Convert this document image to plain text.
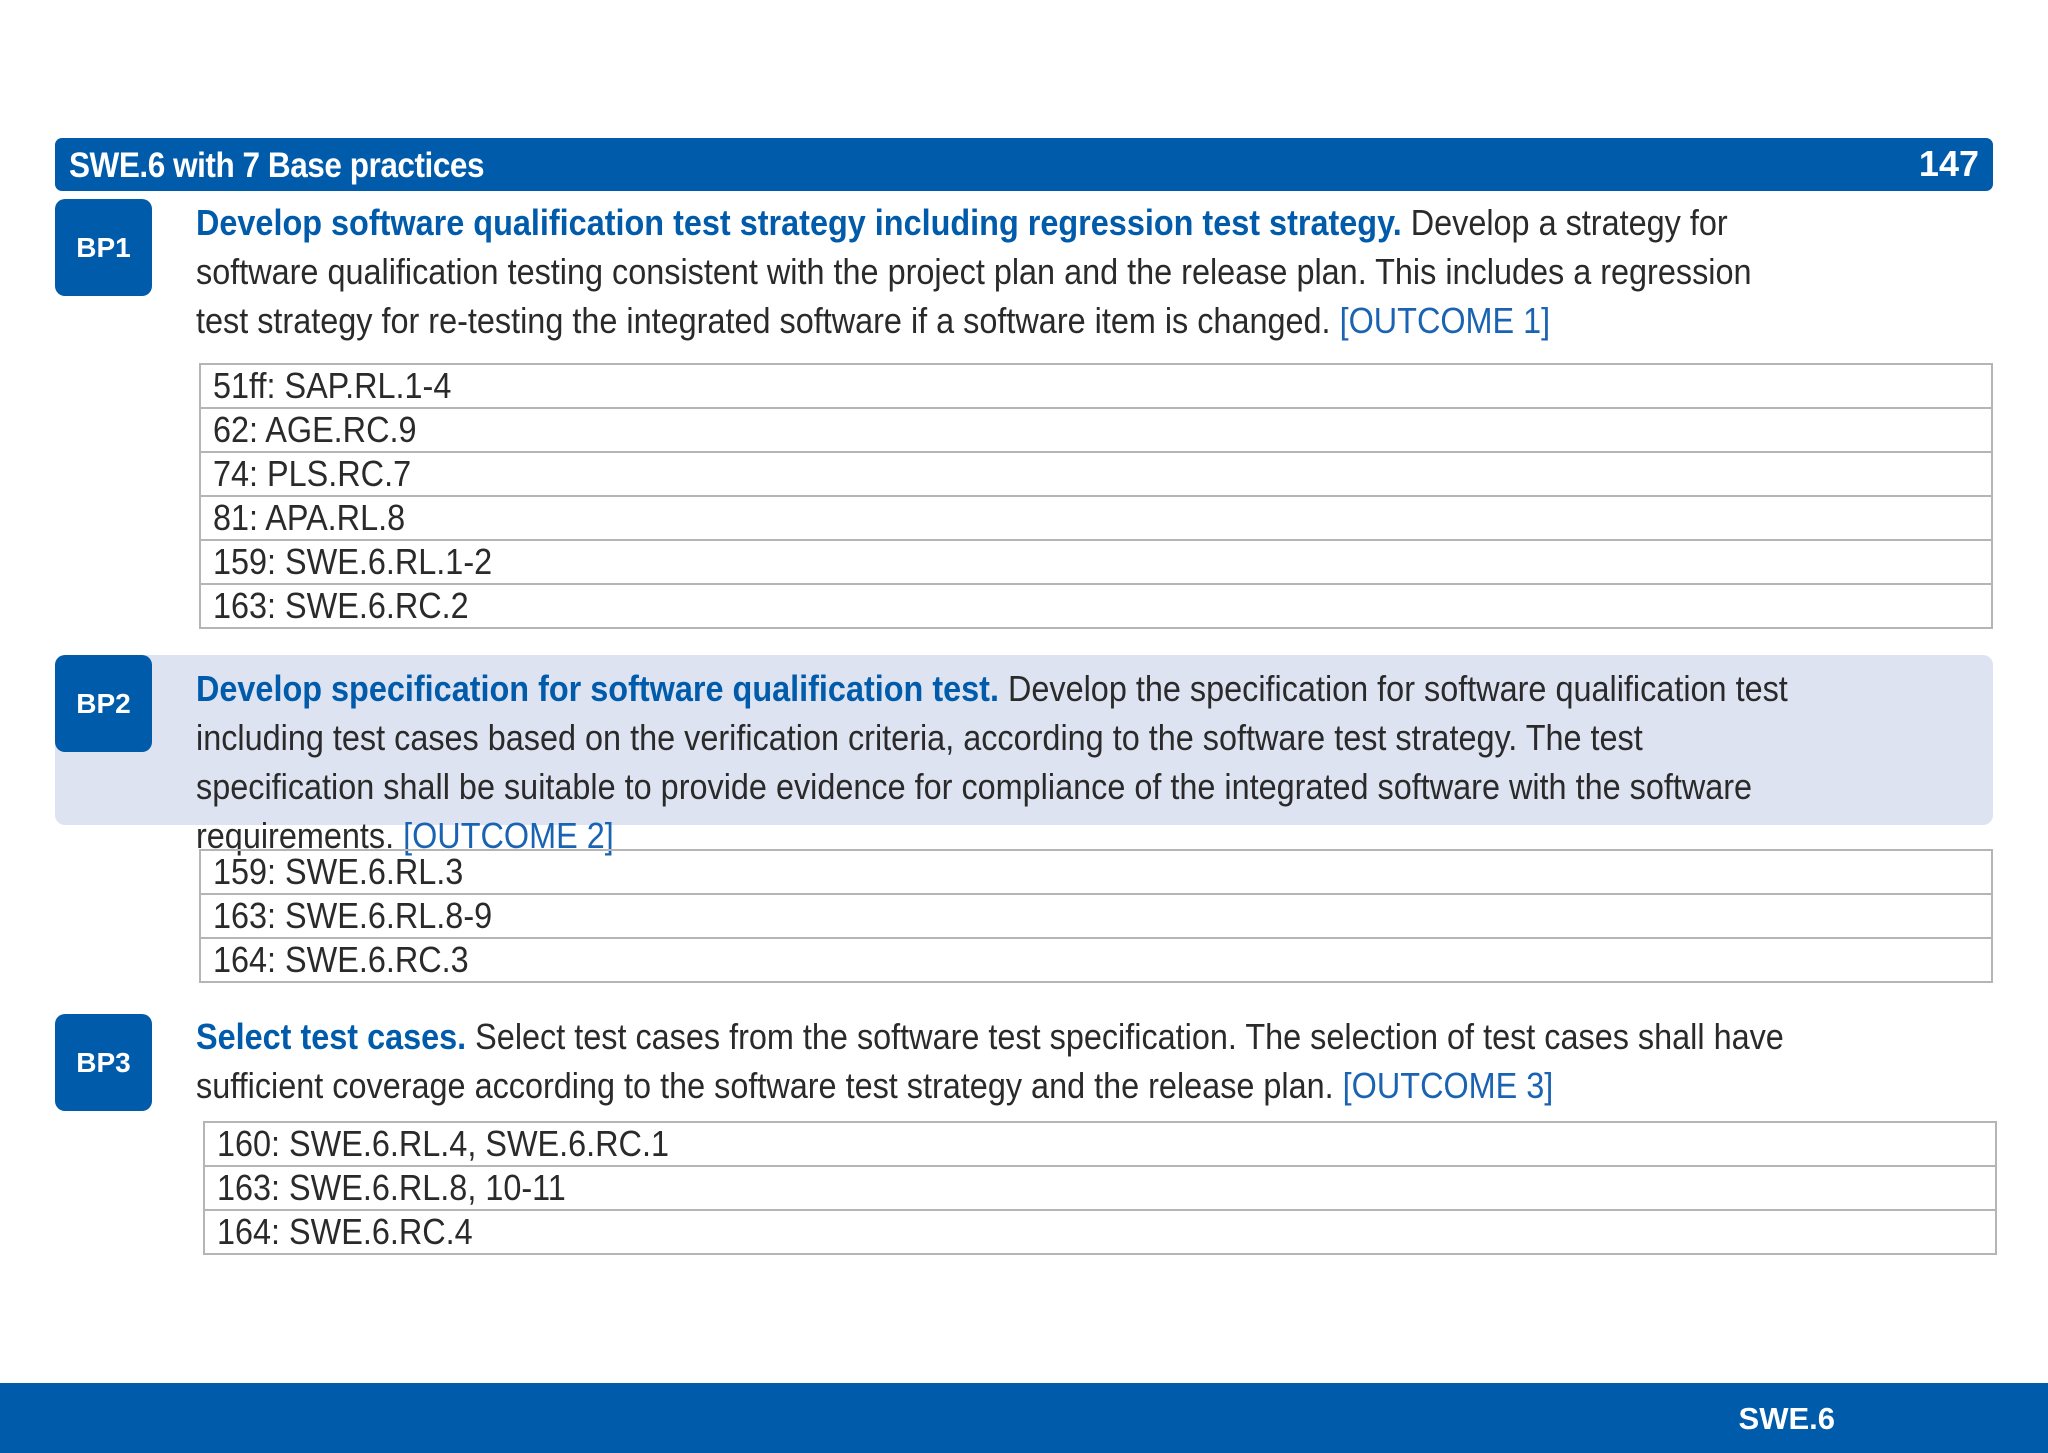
SWE.6 with 7 Base practices	147
BP1
Develop software qualification test strategy including regression test strategy. Develop a strategy for software qualification testing consistent with the project plan and the release plan. This includes a regression test strategy for re-testing the integrated software if a software item is changed. [OUTCOME 1]
51ff: SAP.RL.1-4
62: AGE.RC.9
74: PLS.RC.7
81: APA.RL.8
159: SWE.6.RL.1-2
163: SWE.6.RC.2
BP2	Develop specification for software qualification test. Develop the specification for software qualification test including test cases based on the verification criteria, according to the software test strategy. The test specification shall be suitable to provide evidence for compliance of the integrated software with the software requirements. [OUTCOME 2]
159: SWE.6.RL.3
163: SWE.6.RL.8-9
164: SWE.6.RC.3
BP3
Select test cases. Select test cases from the software test specification. The selection of test cases shall have sufficient coverage according to the software test strategy and the release plan. [OUTCOME 3]
160: SWE.6.RL.4, SWE.6.RC.1
163: SWE.6.RL.8, 10-11
164: SWE.6.RC.4
SWE.6
